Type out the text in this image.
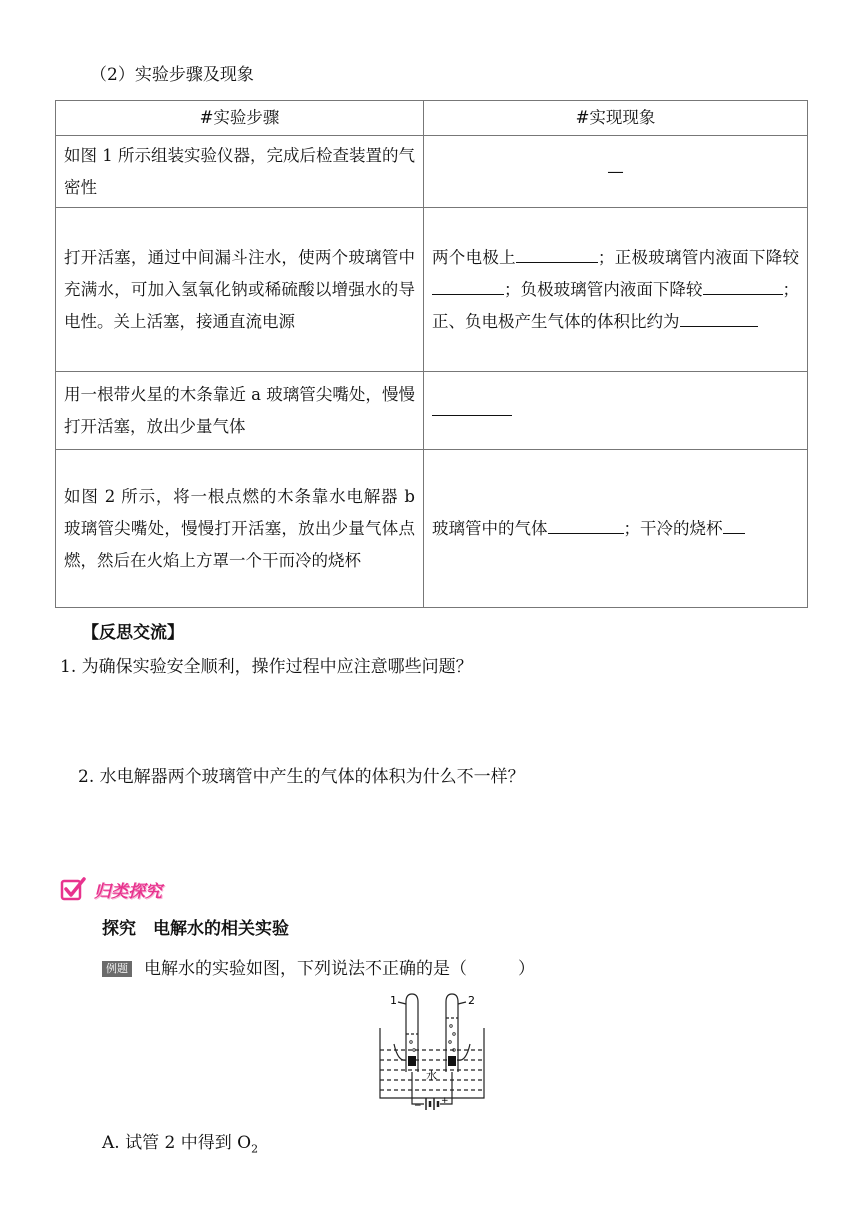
（2）实验步骤及现象
#实验步骤	#实现现象
如图 1 所示组装实验仪器，完成后检查装置的气密性	—
打开活塞，通过中间漏斗注水，使两个玻璃管中充满水，可加入氢氧化钠或稀硫酸以增强水的导电性。关上活塞，接通直流电源	两个电极上 ；正极玻璃管内液面下降较；负极玻璃管内液面下降较 ；正、负电极产生气体的体积比约为
用一根带火星的木条靠近 a 玻璃管尖嘴处，慢慢打开活塞，放出少量气体	
如图 2 所示，将一根点燃的木条靠水电解器 b 玻璃管尖嘴处，慢慢打开活塞，放出少量气体点燃，然后在火焰上方罩一个干而冷的烧杯	玻璃管中的气体 ；干冷的烧杯
【反思交流】
1. 为确保实验安全顺利，操作过程中应注意哪些问题？
2. 水电解器两个玻璃管中产生的气体的体积为什么不一样？
归类探究
探究　电解水的相关实验
例题 电解水的实验如图，下列说法不正确的是（　　　）
1	2
水
− +
A. 试管 2 中得到 $O_2$
